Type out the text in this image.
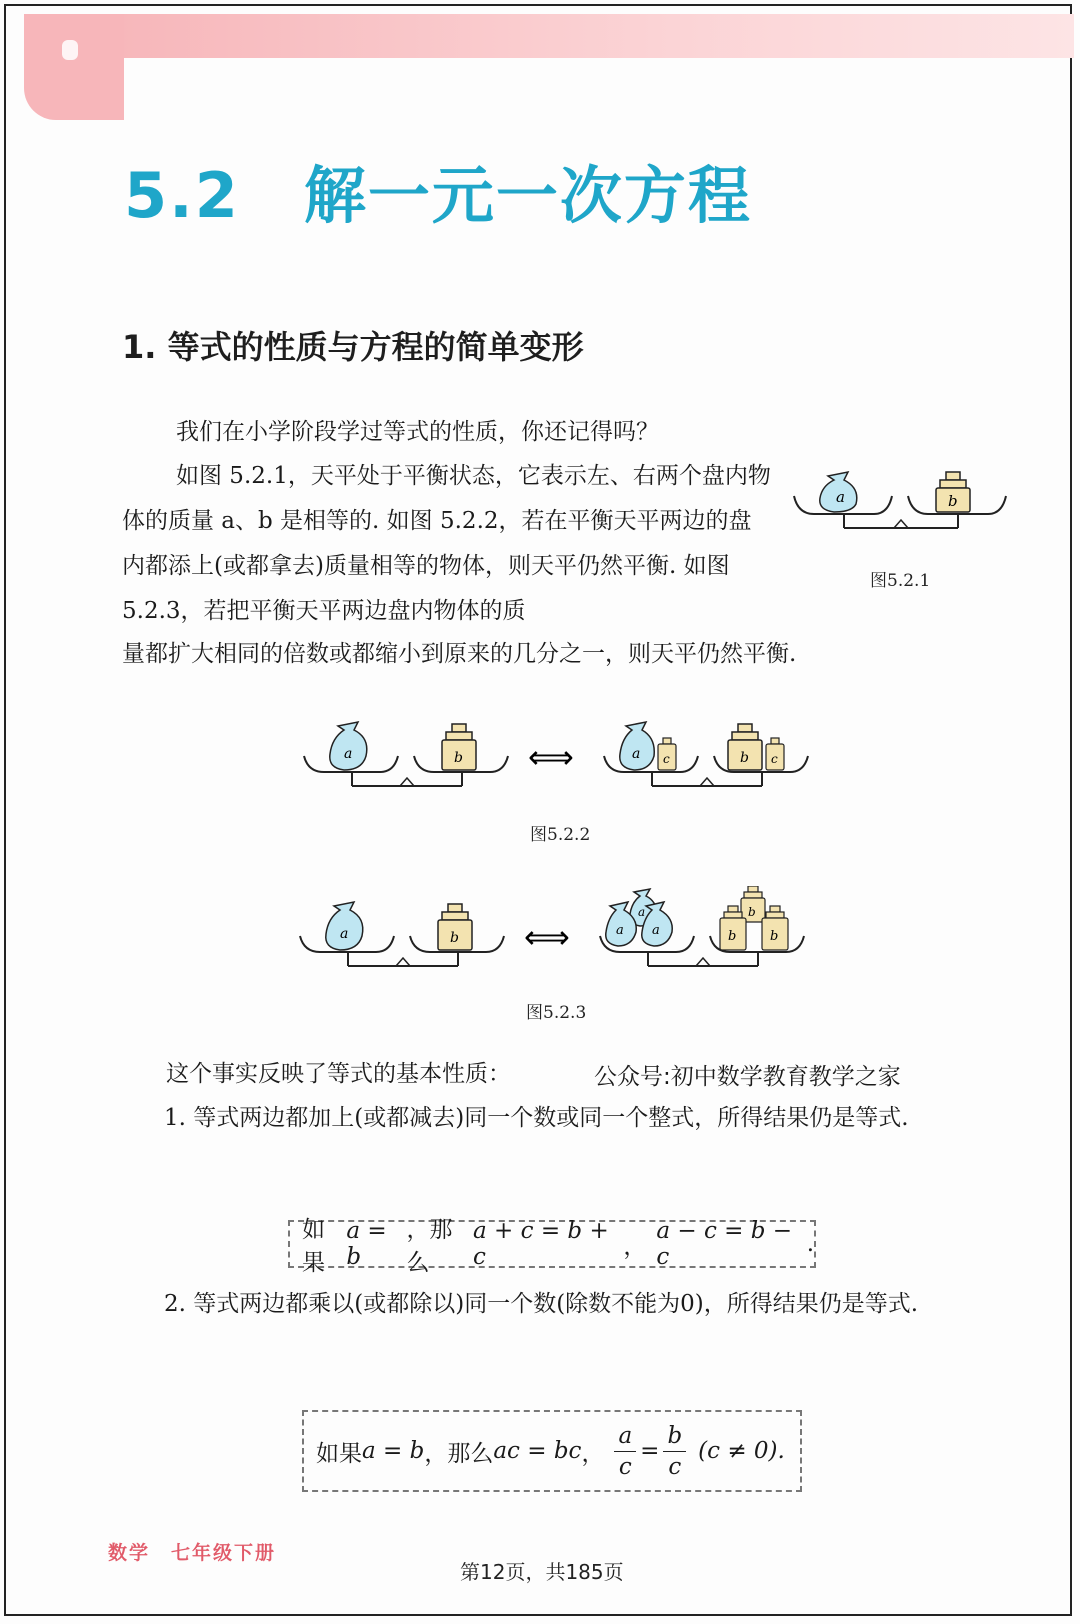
5.2 解一元一次方程
1. 等式的性质与方程的简单变形
我们在小学阶段学过等式的性质，你还记得吗？
如图 5.2.1，天平处于平衡状态，它表示左、右两个盘内物体的质量 a、b 是相等的. 如图 5.2.2，若在平衡天平两边的盘内都添上(或都拿去)质量相等的物体，则天平仍然平衡. 如图 5.2.3，若把平衡天平两边盘内物体的质
量都扩大相同的倍数或都缩小到原来的几分之一，则天平仍然平衡.
a	b
图5.2.1
a	b ⟺	a c	b c
图5.2.2
a	b ⟺
a
a a
b
b	b
图5.2.3
这个事实反映了等式的基本性质：	公众号:初中数学教育教学之家
1. 等式两边都加上(或都减去)同一个数或同一个整式，所得结果仍是等式.
如果
a = b
，那么
a + c = b + c	，
a − c = b − c	.
2. 等式两边都乘以(或都除以)同一个数(除数不能为0)，所得结果仍是等式.
如果 a = b ，那么 ac = bc ， $\frac{a}{c} = \frac{b}{c} (c \ne 0)$.
数学　七年级下册
第12页，共185页
